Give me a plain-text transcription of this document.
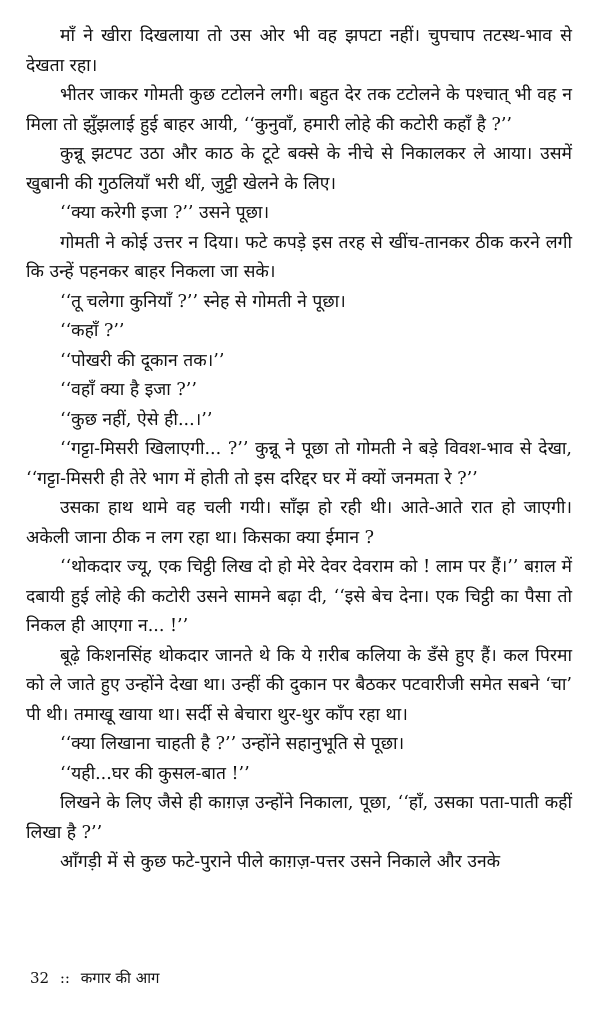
माँ ने खीरा दिखलाया तो उस ओर भी वह झपटा नहीं। चुपचाप तटस्थ-भाव से देखता रहा।

भीतर जाकर गोमती कुछ टटोलने लगी। बहुत देर तक टटोलने के पश्चात् भी वह न मिला तो झुँझलाई हुई बाहर आयी, ‘‘कुनुवाँ, हमारी लोहे की कटोरी कहाँ है ?’’

कुन्नू झटपट उठा और काठ के टूटे बक्से के नीचे से निकालकर ले आया। उसमें खुबानी की गुठलियाँ भरी थीं, जुट्टी खेलने के लिए।

‘‘क्या करेगी इजा ?’’ उसने पूछा।

गोमती ने कोई उत्तर न दिया। फटे कपड़े इस तरह से खींच-तानकर ठीक करने लगी कि उन्हें पहनकर बाहर निकला जा सके।

‘‘तू चलेगा कुनियाँ ?’’ स्नेह से गोमती ने पूछा।

‘‘कहाँ ?’’

‘‘पोखरी की दूकान तक।’’

‘‘वहाँ क्या है इजा ?’’

‘‘कुछ नहीं, ऐसे ही...।’’

‘‘गट्टा-मिसरी खिलाएगी... ?’’ कुन्नू ने पूछा तो गोमती ने बड़े विवश-भाव से देखा, ‘‘गट्टा-मिसरी ही तेरे भाग में होती तो इस दरिद्दर घर में क्यों जनमता रे ?’’

उसका हाथ थामे वह चली गयी। साँझ हो रही थी। आते-आते रात हो जाएगी। अकेली जाना ठीक न लग रहा था। किसका क्या ईमान ?

‘‘थोकदार ज्यू, एक चिट्ठी लिख दो हो मेरे देवर देवराम को ! लाम पर हैं।’’ बग़ल में दबायी हुई लोहे की कटोरी उसने सामने बढ़ा दी, ‘‘इसे बेच देना। एक चिट्ठी का पैसा तो निकल ही आएगा न... !’’

बूढ़े किशनसिंह थोकदार जानते थे कि ये ग़रीब कलिया के डँसे हुए हैं। कल पिरमा को ले जाते हुए उन्होंने देखा था। उन्हीं की दुकान पर बैठकर पटवारीजी समेत सबने ‘चा’ पी थी। तमाखू खाया था। सर्दी से बेचारा थुर-थुर काँप रहा था।

‘‘क्या लिखाना चाहती है ?’’ उन्होंने सहानुभूति से पूछा।

‘‘यही...घर की कुसल-बात !’’

लिखने के लिए जैसे ही काग़ज़ उन्होंने निकाला, पूछा, ‘‘हाँ, उसका पता-पाती कहीं लिखा है ?’’

आँगड़ी में से कुछ फटे-पुराने पीले काग़ज़-पत्तर उसने निकाले और उनके

32 :: कगार की आग
